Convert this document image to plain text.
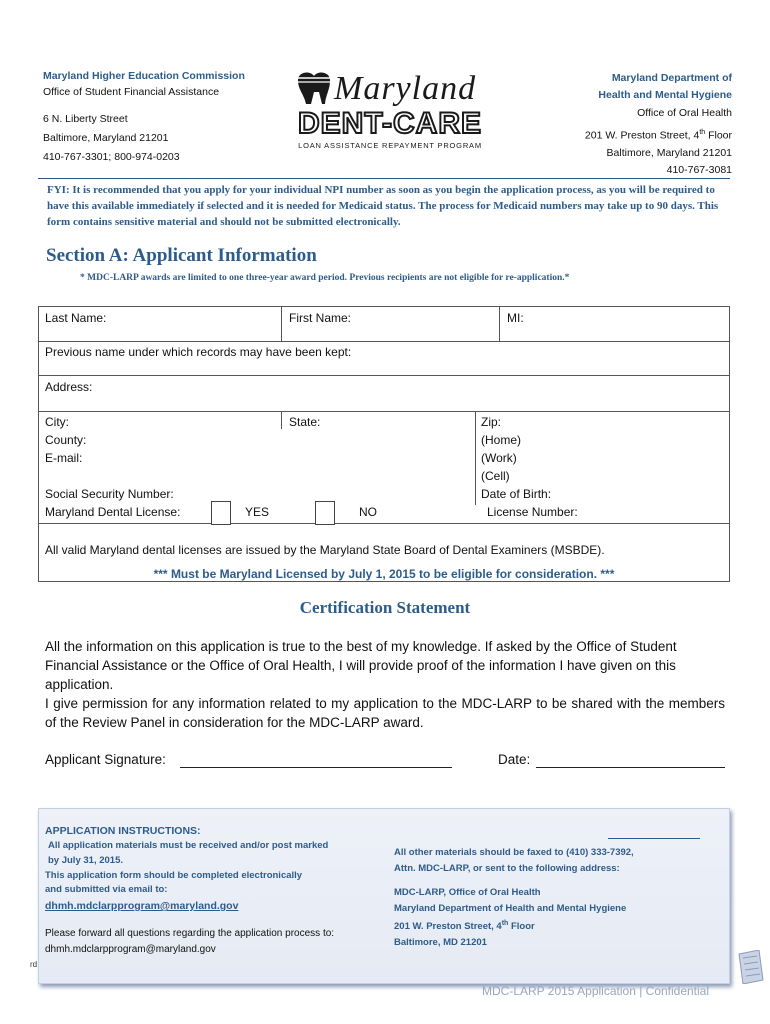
Maryland Higher Education Commission
Office of Student Financial Assistance
6 N. Liberty Street
Baltimore, Maryland 21201
410-767-3301; 800-974-0203
Maryland
DENT-CARE
LOAN ASSISTANCE REPAYMENT PROGRAM
Maryland Department of
Health and Mental Hygiene
Office of Oral Health
201 W. Preston Street, 4th Floor
Baltimore, Maryland 21201
410-767-3081
FYI: It is recommended that you apply for your individual NPI number as soon as you begin the application process, as you will be required to have this available immediately if selected and it is needed for Medicaid status. The process for Medicaid numbers may take up to 90 days. This form contains sensitive material and should not be submitted electronically.
Section A: Applicant Information
* MDC-LARP awards are limited to one three-year award period. Previous recipients are not eligible for re-application.*
Last Name:	First Name:	MI:
Previous name under which records may have been kept:
Address:
City:	State:	Zip:
County:	(Home)
E-mail:	(Work)
(Cell)
Social Security Number:	Date of Birth:
Maryland Dental License:	YES	NO	License Number:
All valid Maryland dental licenses are issued by the Maryland State Board of Dental Examiners (MSBDE).
*** Must be Maryland Licensed by July 1, 2015 to be eligible for consideration. ***
Certification Statement

All the information on this application is true to the best of my knowledge. If asked by the Office of Student Financial Assistance or the Office of Oral Health, I will provide proof of the information I have given on this application.

I give permission for any information related to my application to the MDC-LARP to be shared with the members of the Review Panel in consideration for the MDC-LARP award.

Applicant Signature:	Date:
APPLICATION INSTRUCTIONS:
All application materials must be received and/or post marked
by July 31, 2015.
This application form should be completed electronically
and submitted via email to:
dhmh.mdclarpprogram@maryland.gov
Please forward all questions regarding the application process to:
dhmh.mdclarpprogram@maryland.gov
All other materials should be faxed to (410) 333-7392,
Attn. MDC-LARP, or sent to the following address:
MDC-LARP, Office of Oral Health
Maryland Department of Health and Mental Hygiene
201 W. Preston Street, 4th Floor
Baltimore, MD 21201
rd
MDC-LARP 2015 Application | Confidential
